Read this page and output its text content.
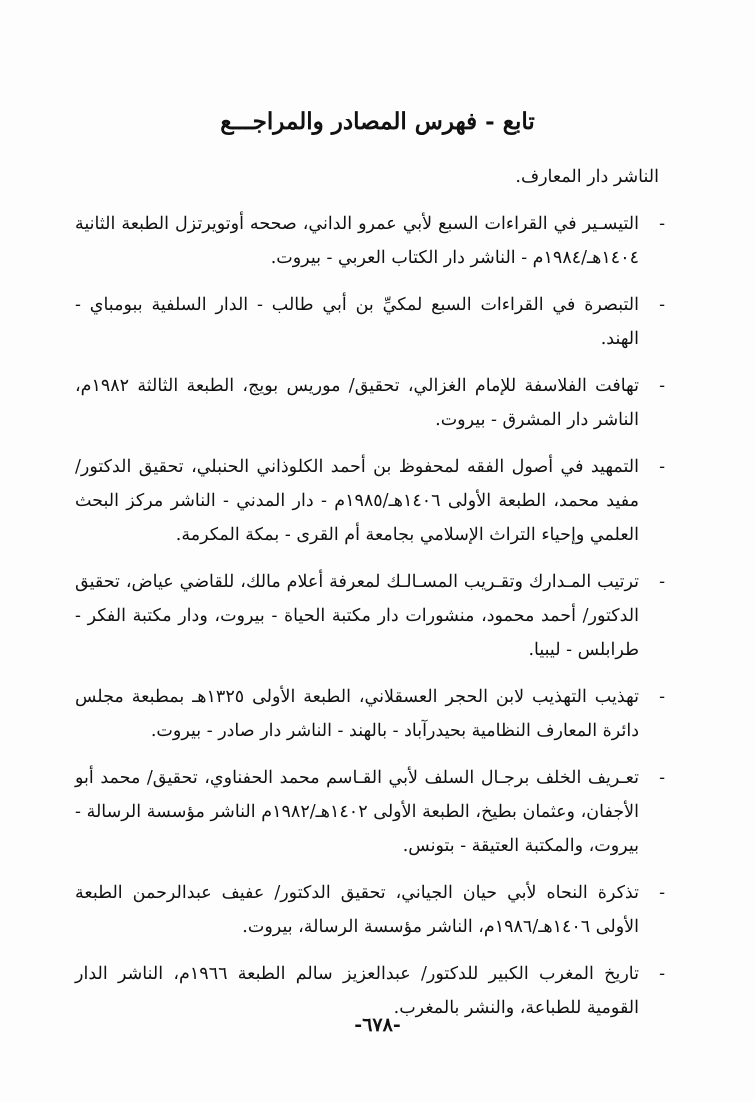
تابع - فهرس المصادر والمراجـــع
الناشر دار المعارف.
-
التيسـير في القراءات السبع لأبي عمرو الداني، صححه أوتويرتزل الطبعة الثانية ١٤٠٤هـ/١٩٨٤م - الناشر دار الكتاب العربي - بيروت.
-
التبصرة في القراءات السبع لمكيِّ بن أبي طالب - الدار السلفية ببومباي - الهند.
-
تهافت الفلاسفة للإمام الغزالي، تحقيق/ موريس بويج، الطبعة الثالثة ١٩٨٢م، الناشر دار المشرق - بيروت.
-
التمهيد في أصول الفقه لمحفوظ بن أحمد الكلوذاني الحنبلي، تحقيق الدكتور/ مفيد محمد، الطبعة الأولى ١٤٠٦هـ/١٩٨٥م - دار المدني - الناشر مركز البحث العلمي وإحياء التراث الإسلامي بجامعة أم القرى - بمكة المكرمة.
-
ترتيب المـدارك وتقـريب المسـالـك لمعرفة أعلام مالك، للقاضي عياض، تحقيق الدكتور/ أحمد محمود، منشورات دار مكتبة الحياة - بيروت، ودار مكتبة الفكر - طرابلس - ليبيا.
-
تهذيب التهذيب لابن الحجر العسقلاني، الطبعة الأولى ١٣٢٥هـ بمطبعة مجلس دائرة المعارف النظامية بحيدرآباد - بالهند - الناشر دار صادر - بيروت.
-
تعـريف الخلف برجـال السلف لأبي القـاسم محمد الحفناوي، تحقيق/ محمد أبو الأجفان، وعثمان بطيخ، الطبعة الأولى ١٤٠٢هـ/١٩٨٢م الناشر مؤسسة الرسالة - بيروت، والمكتبة العتيقة - بتونس.
-
تذكرة النحاه لأبي حيان الجياني، تحقيق الدكتور/ عفيف عبدالرحمن الطبعة الأولى ١٤٠٦هـ/١٩٨٦م، الناشر مؤسسة الرسالة، بيروت.
-
تاريخ المغرب الكبير للدكتور/ عبدالعزيز سالم الطبعة ١٩٦٦م، الناشر الدار القومية للطباعة، والنشر بالمغرب.
-٦٧٨-
